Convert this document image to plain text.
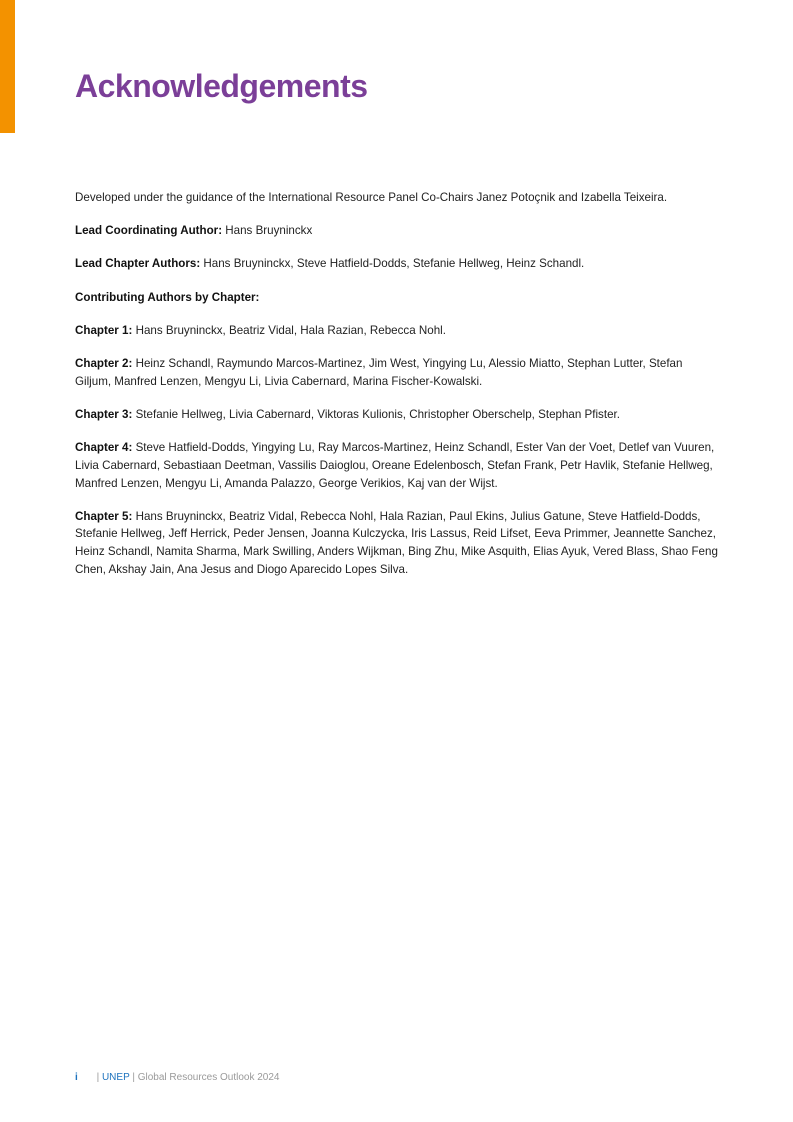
Acknowledgements

Developed under the guidance of the International Resource Panel Co-Chairs Janez Potoçnik and Izabella Teixeira.

Lead Coordinating Author: Hans Bruyninckx

Lead Chapter Authors: Hans Bruyninckx, Steve Hatfield-Dodds, Stefanie Hellweg, Heinz Schandl.

Contributing Authors by Chapter:

Chapter 1: Hans Bruyninckx, Beatriz Vidal, Hala Razian, Rebecca Nohl.

Chapter 2: Heinz Schandl, Raymundo Marcos-Martinez, Jim West, Yingying Lu, Alessio Miatto, Stephan Lutter, Stefan Giljum, Manfred Lenzen, Mengyu Li, Livia Cabernard, Marina Fischer-Kowalski.

Chapter 3: Stefanie Hellweg, Livia Cabernard, Viktoras Kulionis, Christopher Oberschelp, Stephan Pfister.

Chapter 4: Steve Hatfield-Dodds, Yingying Lu, Ray Marcos-Martinez, Heinz Schandl, Ester Van der Voet, Detlef van Vuuren, Livia Cabernard, Sebastiaan Deetman, Vassilis Daioglou, Oreane Edelenbosch, Stefan Frank, Petr Havlik, Stefanie Hellweg, Manfred Lenzen, Mengyu Li, Amanda Palazzo, George Verikios, Kaj van der Wijst.

Chapter 5: Hans Bruyninckx, Beatriz Vidal, Rebecca Nohl, Hala Razian, Paul Ekins, Julius Gatune, Steve Hatfield-Dodds, Stefanie Hellweg, Jeff Herrick, Peder Jensen, Joanna Kulczycka, Iris Lassus, Reid Lifset, Eeva Primmer, Jeannette Sanchez, Heinz Schandl, Namita Sharma, Mark Swilling, Anders Wijkman, Bing Zhu, Mike Asquith, Elias Ayuk, Vered Blass, Shao Feng Chen, Akshay Jain, Ana Jesus and Diogo Aparecido Lopes Silva.

i | UNEP | Global Resources Outlook 2024
